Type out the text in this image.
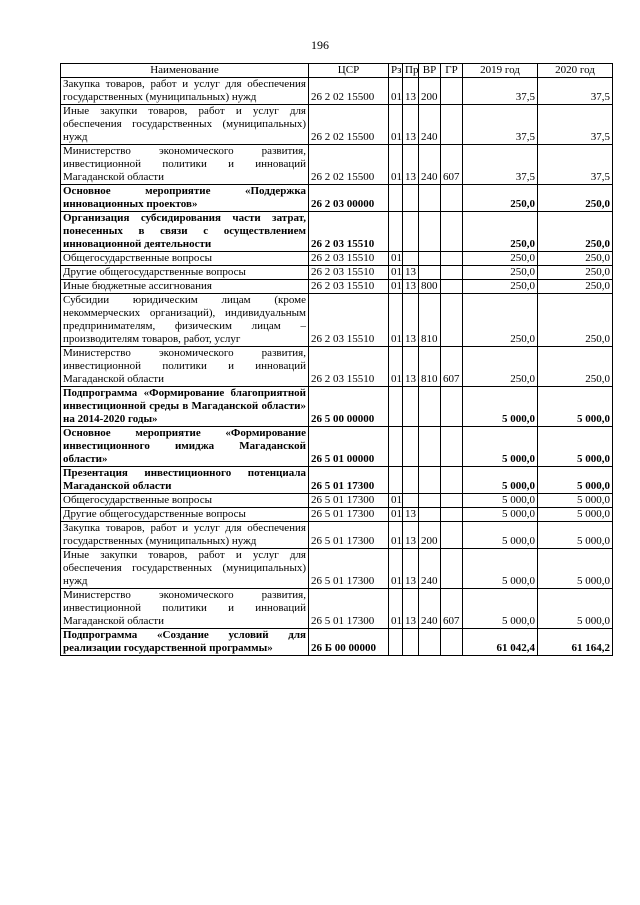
196
Наименование	ЦСР	Рз	Пр	ВР	ГР	2019 год	2020 год
Закупка товаров, работ и услуг для обеспечения государственных (муниципальных) нужд	26 2 02 15500	01	13	200		37,5	37,5
Иные закупки товаров, работ и услуг для обеспечения государственных (муниципальных) нужд	26 2 02 15500	01	13	240		37,5	37,5
Министерство экономического развития, инвестиционной политики и инноваций Магаданской области	26 2 02 15500	01	13	240	607	37,5	37,5
Основное мероприятие «Поддержка инновационных проектов»	26 2 03 00000					250,0	250,0
Организация субсидирования части затрат, понесенных в связи с осуществлением инновационной деятельности	26 2 03 15510					250,0	250,0
Общегосударственные вопросы	26 2 03 15510	01				250,0	250,0
Другие общегосударственные вопросы	26 2 03 15510	01	13			250,0	250,0
Иные бюджетные ассигнования	26 2 03 15510	01	13	800		250,0	250,0
Субсидии юридическим лицам (кроме некоммерческих организаций), индивидуальным предпринимателям, физическим лицам – производителям товаров, работ, услуг	26 2 03 15510	01	13	810		250,0	250,0
Министерство экономического развития, инвестиционной политики и инноваций Магаданской области	26 2 03 15510	01	13	810	607	250,0	250,0
Подпрограмма «Формирование благоприятной инвестиционной среды в Магаданской области» на 2014-2020 годы»	26 5 00 00000					5 000,0	5 000,0
Основное мероприятие «Формирование инвестиционного имиджа Магаданской области»	26 5 01 00000					5 000,0	5 000,0
Презентация инвестиционного потенциала Магаданской области	26 5 01 17300					5 000,0	5 000,0
Общегосударственные вопросы	26 5 01 17300	01				5 000,0	5 000,0
Другие общегосударственные вопросы	26 5 01 17300	01	13			5 000,0	5 000,0
Закупка товаров, работ и услуг для обеспечения государственных (муниципальных) нужд	26 5 01 17300	01	13	200		5 000,0	5 000,0
Иные закупки товаров, работ и услуг для обеспечения государственных (муниципальных) нужд	26 5 01 17300	01	13	240		5 000,0	5 000,0
Министерство экономического развития, инвестиционной политики и инноваций Магаданской области	26 5 01 17300	01	13	240	607	5 000,0	5 000,0
Подпрограмма «Создание условий для реализации государственной программы»	26 Б 00 00000					61 042,4	61 164,2
